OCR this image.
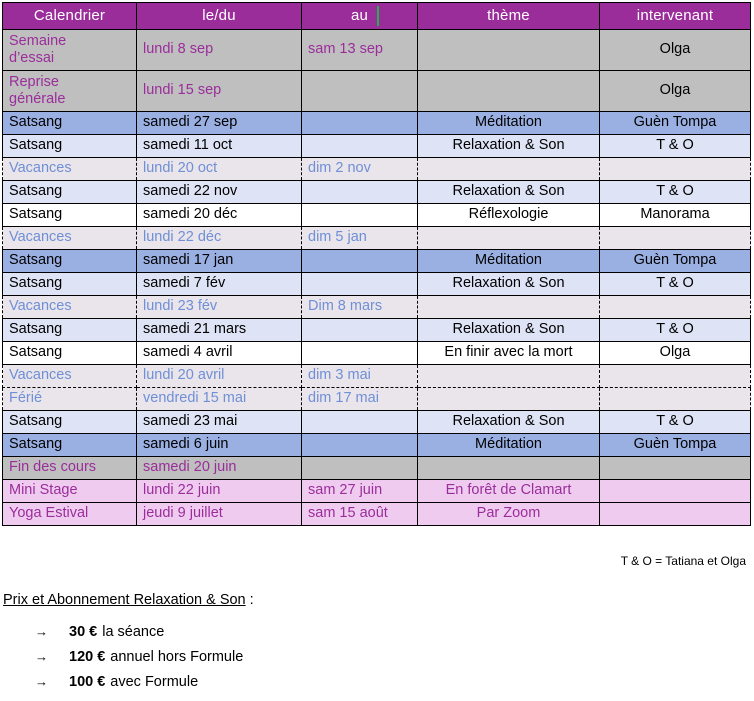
Calendrier	le/du	au	thème	intervenant

Semaine
d’essai	lundi 8 sep	sam 13 sep		Olga

Reprise
générale	lundi 15 sep			Olga
Satsang	samedi 27 sep		Méditation	Guèn Tompa
Satsang	samedi 11 oct		Relaxation & Son	T & O
Vacances	lundi 20 oct	dim 2 nov		
Satsang	samedi 22 nov		Relaxation & Son	T & O
Satsang	samedi 20 déc		Réflexologie	Manorama
Vacances	lundi 22 déc	dim 5 jan		
Satsang	samedi 17 jan		Méditation	Guèn Tompa
Satsang	samedi 7 fév		Relaxation & Son	T & O
Vacances	lundi 23 fév	Dim 8 mars		
Satsang	samedi 21 mars		Relaxation & Son	T & O
Satsang	samedi 4 avril		En finir avec la mort	Olga
Vacances	lundi 20 avril	dim 3 mai		
Férié	vendredi 15 mai	dim 17 mai		
Satsang	samedi 23 mai		Relaxation & Son	T & O
Satsang	samedi 6 juin		Méditation	Guèn Tompa
Fin des cours	samedi 20 juin			
Mini Stage	lundi 22 juin	sam 27 juin	En forêt de Clamart	
Yoga Estival	jeudi 9 juillet	sam 15 août	Par Zoom	
T & O = Tatiana et Olga
Prix et Abonnement Relaxation & Son :
→	30 € la séance
→	120 € annuel hors Formule
→	100 € avec Formule
